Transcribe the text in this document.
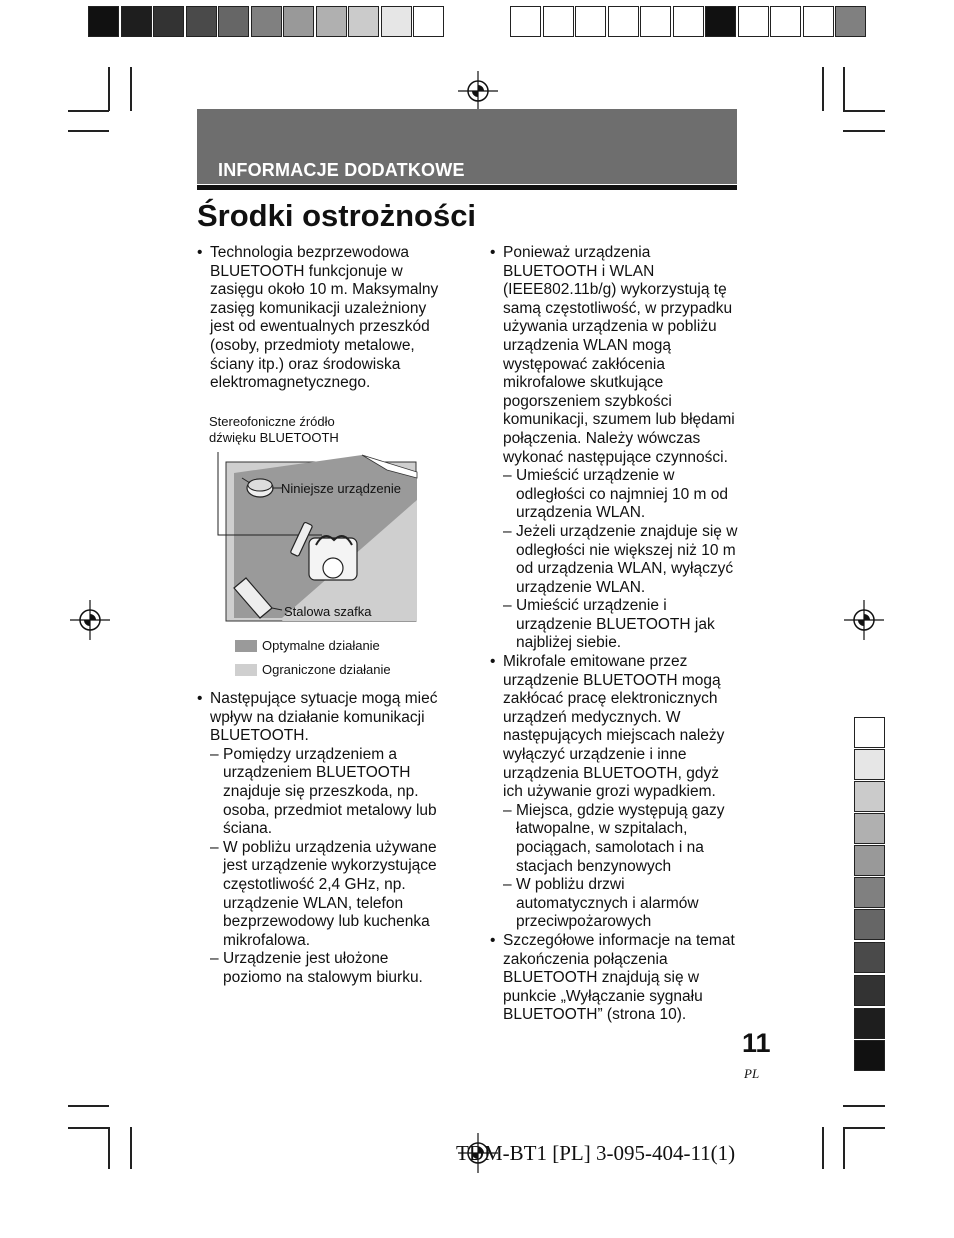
INFORMACJE DODATKOWE
Środki ostrożności

• Technologia bezprzewodowa BLUETOOTH funkcjonuje w zasięgu około 10 m. Maksymalny zasięg komunikacji uzależniony jest od ewentualnych przeszkód (osoby, przedmioty metalowe, ściany itp.) oraz środowiska elektromagnetycznego.

Stereofoniczne źródło
dźwięku BLUETOOTH
Niniejsze urządzenie
Stalowa szafka
Optymalne działanie
Ograniczone działanie

• Następujące sytuacje mogą mieć wpływ na działanie komunikacji BLUETOOTH.

– Pomiędzy urządzeniem a urządzeniem BLUETOOTH znajduje się przeszkoda, np. osoba, przedmiot metalowy lub ściana.

– W pobliżu urządzenia używane jest urządzenie wykorzystujące częstotliwość 2,4 GHz, np. urządzenie WLAN, telefon bezprzewodowy lub kuchenka mikrofalowa.

– Urządzenie jest ułożone poziomo na stalowym biurku.

• Ponieważ urządzenia BLUETOOTH i WLAN (IEEE802.11b/g) wykorzystują tę samą częstotliwość, w przypadku używania urządzenia w pobliżu urządzenia WLAN mogą występować zakłócenia mikrofalowe skutkujące pogorszeniem szybkości komunikacji, szumem lub błędami połączenia. Należy wówczas wykonać następujące czynności.

– Umieścić urządzenie w odległości co najmniej 10 m od urządzenia WLAN.

– Jeżeli urządzenie znajduje się w odległości nie większej niż 10 m od urządzenia WLAN, wyłączyć urządzenie WLAN.

– Umieścić urządzenie i urządzenie BLUETOOTH jak najbliżej siebie.

• Mikrofale emitowane przez urządzenie BLUETOOTH mogą zakłócać pracę elektronicznych urządzeń medycznych. W następujących miejscach należy wyłączyć urządzenie i inne urządzenia BLUETOOTH, gdyż ich używanie grozi wypadkiem.

– Miejsca, gdzie występują gazy łatwopalne, w szpitalach, pociągach, samolotach i na stacjach benzynowych

– W pobliżu drzwi automatycznych i alarmów przeciwpożarowych

• Szczegółowe informacje na temat zakończenia połączenia BLUETOOTH znajdują się w punkcie „Wyłączanie sygnału BLUETOOTH” (strona 10).

11
PL
TDM-BT1 [PL] 3-095-404-11(1)
